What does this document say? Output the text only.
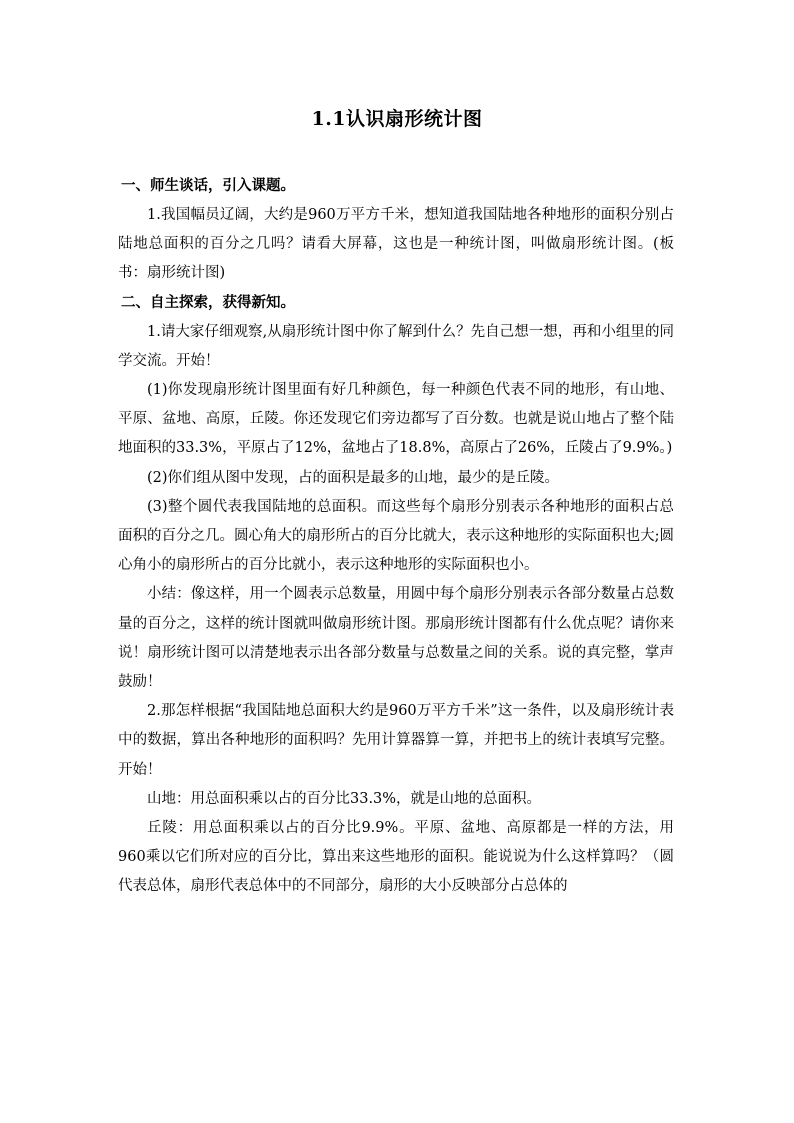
1.1认识扇形统计图

一、师生谈话，引入课题。

1.我国幅员辽阔，大约是960万平方千米，想知道我国陆地各种地形的面积分别占陆地总面积的百分之几吗？请看大屏幕，这也是一种统计图，叫做扇形统计图。(板书：扇形统计图)

二、自主探索，获得新知。

1.请大家仔细观察,从扇形统计图中你了解到什么？先自己想一想，再和小组里的同学交流。开始！

(1)你发现扇形统计图里面有好几种颜色，每一种颜色代表不同的地形，有山地、平原、盆地、高原，丘陵。你还发现它们旁边都写了百分数。也就是说山地占了整个陆地面积的33.3%，平原占了12%，盆地占了18.8%，高原占了26%，丘陵占了9.9%。)

(2)你们组从图中发现，占的面积是最多的山地，最少的是丘陵。

(3)整个圆代表我国陆地的总面积。而这些每个扇形分别表示各种地形的面积占总面积的百分之几。圆心角大的扇形所占的百分比就大，表示这种地形的实际面积也大;圆心角小的扇形所占的百分比就小，表示这种地形的实际面积也小。

小结：像这样，用一个圆表示总数量，用圆中每个扇形分别表示各部分数量占总数量的百分之，这样的统计图就叫做扇形统计图。那扇形统计图都有什么优点呢？请你来说！扇形统计图可以清楚地表示出各部分数量与总数量之间的关系。说的真完整，掌声鼓励！

2.那怎样根据“我国陆地总面积大约是960万平方千米”这一条件，以及扇形统计表中的数据，算出各种地形的面积吗？先用计算器算一算，并把书上的统计表填写完整。开始！

山地：用总面积乘以占的百分比33.3%，就是山地的总面积。

丘陵：用总面积乘以占的百分比9.9%。平原、盆地、高原都是一样的方法，用960乘以它们所对应的百分比，算出来这些地形的面积。能说说为什么这样算吗？（圆代表总体，扇形代表总体中的不同部分，扇形的大小反映部分占总体的
